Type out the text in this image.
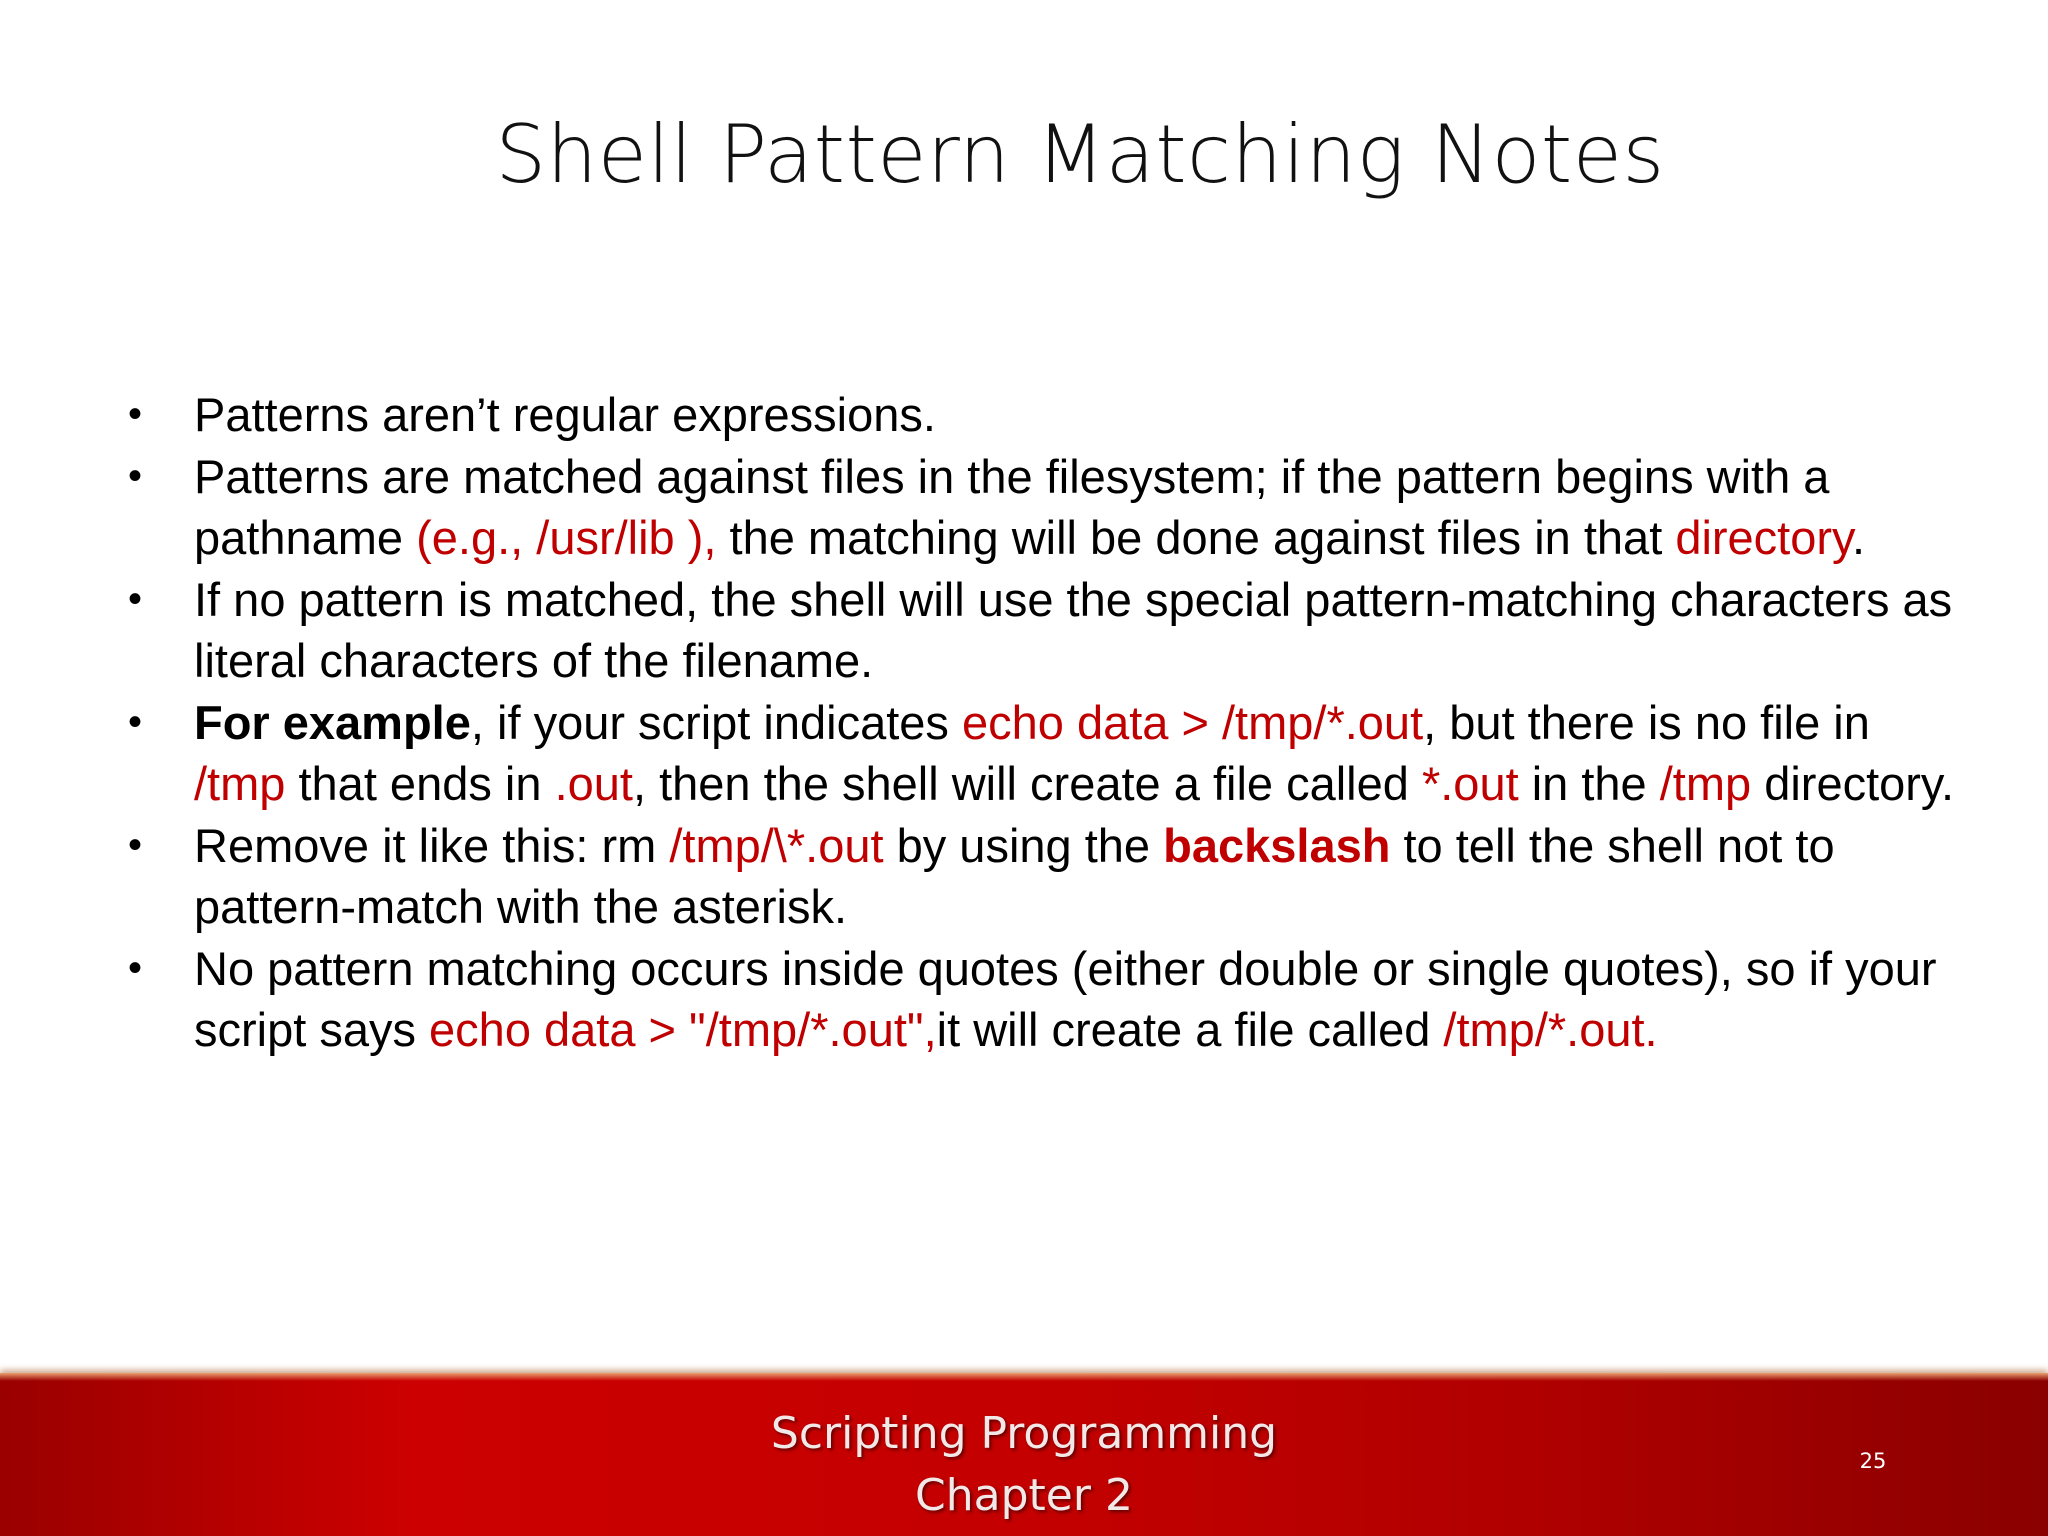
Shell Pattern Matching Notes
• Patterns aren’t regular expressions.
• Patterns are matched against files in the filesystem; if the pattern begins with a pathname (e.g., /usr/lib ), the matching will be done against files in that directory.
• If no pattern is matched, the shell will use the special pattern-matching characters as literal characters of the filename.
• For example, if your script indicates echo data > /tmp/*.out, but there is no file in /tmp that ends in .out, then the shell will create a file called *.out in the /tmp directory.
• Remove it like this: rm /tmp/\*.out by using the backslash to tell the shell not to pattern-match with the asterisk.
• No pattern matching occurs inside quotes (either double or single quotes), so if your script says echo data > "/tmp/*.out",it will create a file called /tmp/*.out.
Scripting Programming
Chapter 2
25
